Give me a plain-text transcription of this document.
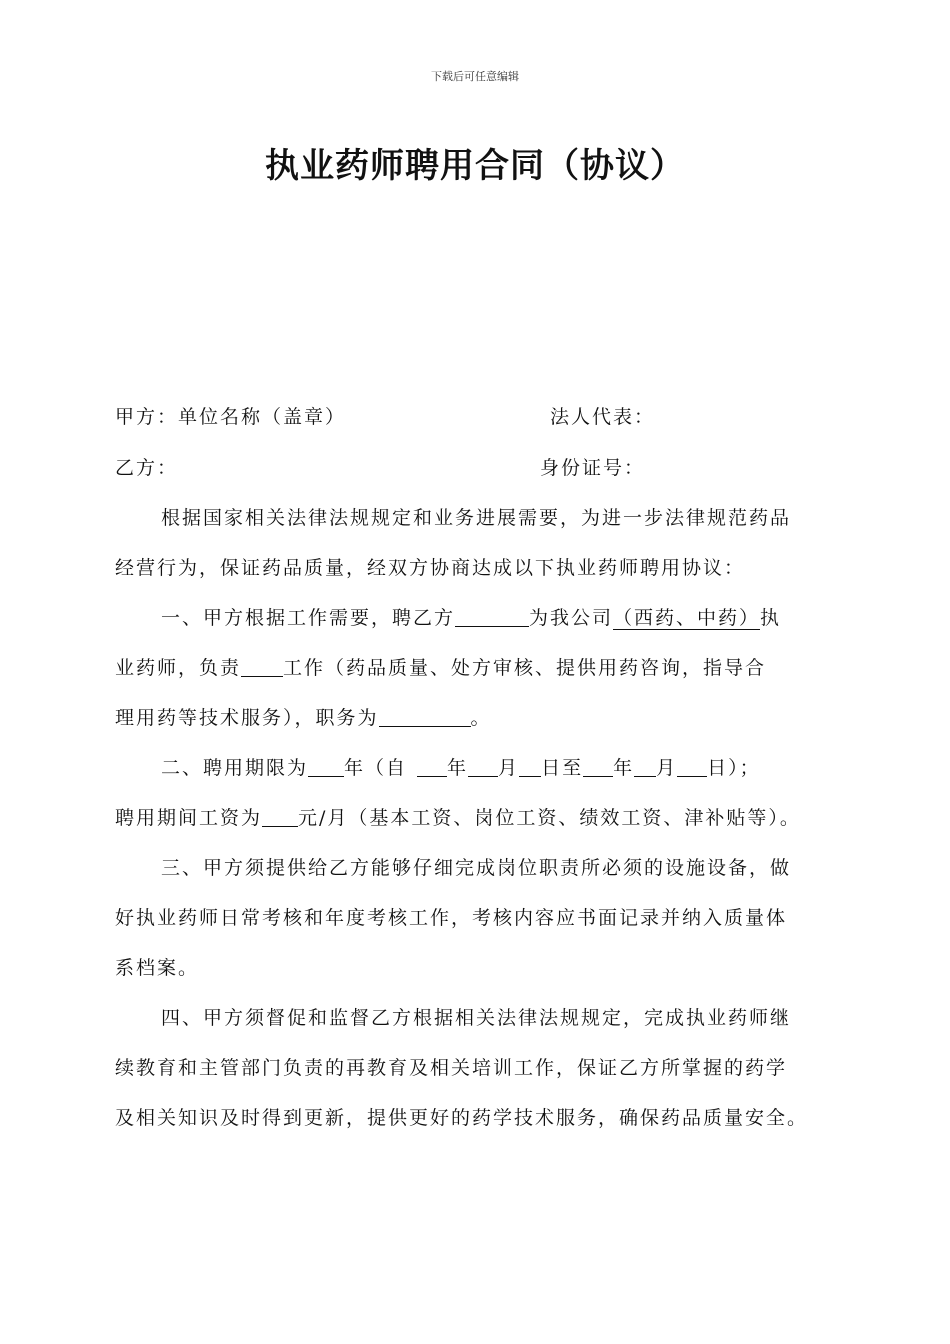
下载后可任意编辑
执业药师聘用合同（协议）
甲方：单位名称（盖章）	法人代表：
乙方：	身份证号：
根据国家相关法律法规规定和业务进展需要，为进一步法律规范药品
经营行为，保证药品质量，经双方协商达成以下执业药师聘用协议：
一、甲方根据工作需要，聘乙方	为我公司（西药、中药）执
业药师，负责 工作（药品质量、处方审核、提供用药咨询，指导合
理用药等技术服务），职务为	。
二、聘用期限为 年（自 年 月 日至 年 月 日）；
聘用期间工资为 元/月（基本工资、岗位工资、绩效工资、津补贴等）。
三、甲方须提供给乙方能够仔细完成岗位职责所必须的设施设备，做
好执业药师日常考核和年度考核工作，考核内容应书面记录并纳入质量体
系档案。
四、甲方须督促和监督乙方根据相关法律法规规定，完成执业药师继
续教育和主管部门负责的再教育及相关培训工作，保证乙方所掌握的药学
及相关知识及时得到更新，提供更好的药学技术服务，确保药品质量安全。
